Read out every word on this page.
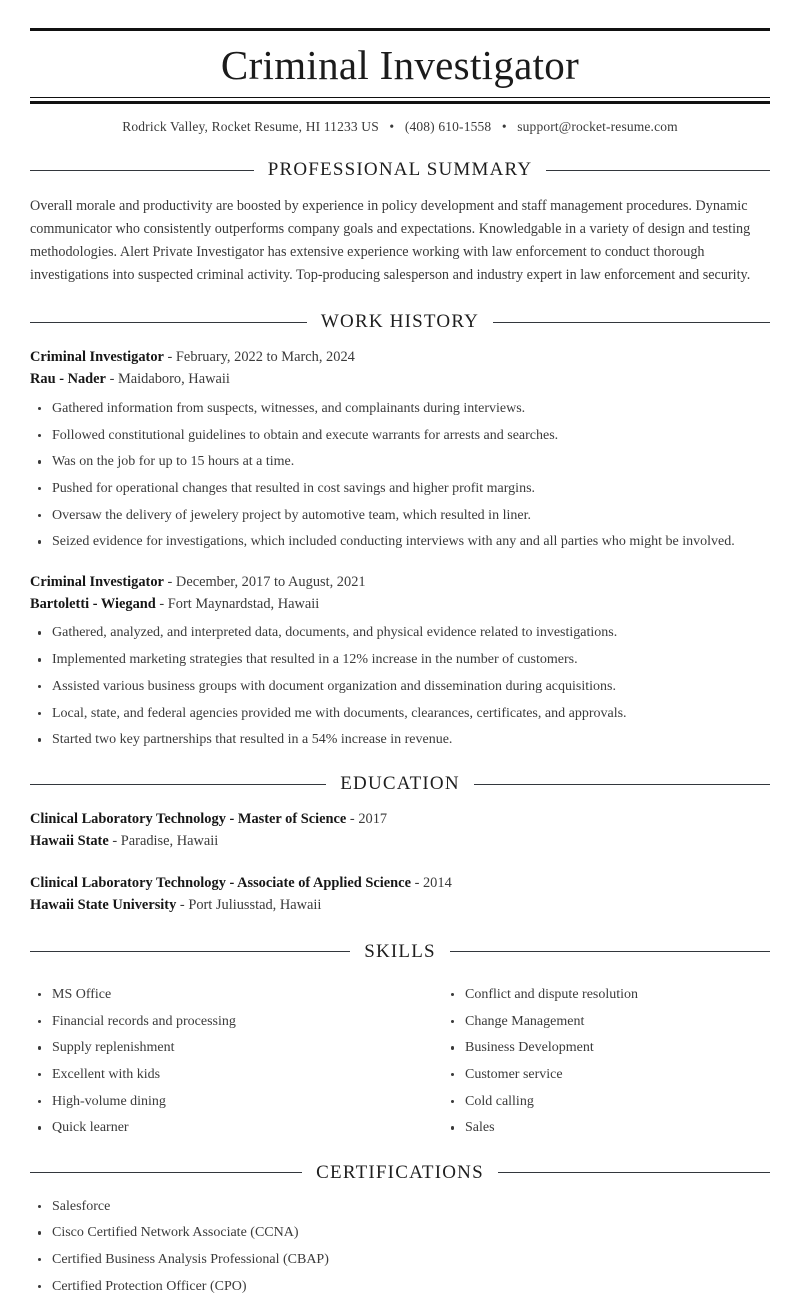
Criminal Investigator
Rodrick Valley, Rocket Resume, HI 11233 US • (408) 610-1558 • support@rocket-resume.com
PROFESSIONAL SUMMARY

Overall morale and productivity are boosted by experience in policy development and staff management procedures. Dynamic communicator who consistently outperforms company goals and expectations. Knowledgable in a variety of design and testing methodologies. Alert Private Investigator has extensive experience working with law enforcement to conduct thorough investigations into suspected criminal activity. Top-producing salesperson and industry expert in law enforcement and security.

WORK HISTORY
Criminal Investigator - February, 2022 to March, 2024
Rau - Nader - Maidaboro, Hawaii
Gathered information from suspects, witnesses, and complainants during interviews.
Followed constitutional guidelines to obtain and execute warrants for arrests and searches.
Was on the job for up to 15 hours at a time.
Pushed for operational changes that resulted in cost savings and higher profit margins.
Oversaw the delivery of jewelery project by automotive team, which resulted in liner.
Seized evidence for investigations, which included conducting interviews with any and all parties who might be involved.
Criminal Investigator - December, 2017 to August, 2021
Bartoletti - Wiegand - Fort Maynardstad, Hawaii
Gathered, analyzed, and interpreted data, documents, and physical evidence related to investigations.
Implemented marketing strategies that resulted in a 12% increase in the number of customers.
Assisted various business groups with document organization and dissemination during acquisitions.
Local, state, and federal agencies provided me with documents, clearances, certificates, and approvals.
Started two key partnerships that resulted in a 54% increase in revenue.
EDUCATION
Clinical Laboratory Technology - Master of Science - 2017
Hawaii State - Paradise, Hawaii
Clinical Laboratory Technology - Associate of Applied Science - 2014
Hawaii State University - Port Juliusstad, Hawaii
SKILLS
MS Office
Financial records and processing
Supply replenishment
Excellent with kids
High-volume dining
Quick learner
Conflict and dispute resolution
Change Management
Business Development
Customer service
Cold calling
Sales
CERTIFICATIONS
Salesforce
Cisco Certified Network Associate (CCNA)
Certified Business Analysis Professional (CBAP)
Certified Protection Officer (CPO)
